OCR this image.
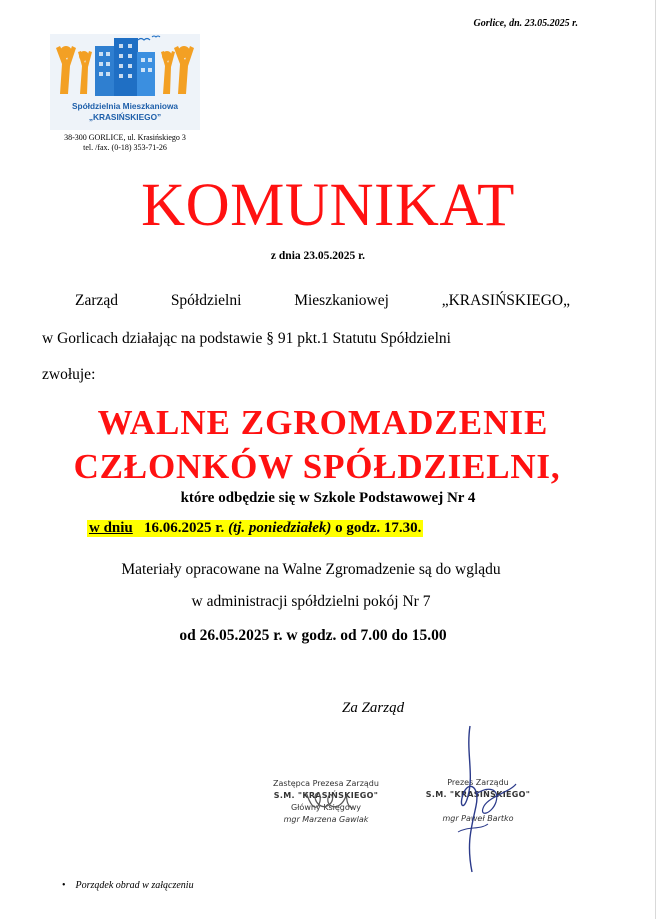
Gorlice, dn. 23.05.2025 r.
Spółdzielnia Mieszkaniowa
„KRASIŃSKIEGO”
38-300 GORLICE, ul. Krasińskiego 3
tel. /fax. (0-18) 353-71-26
KOMUNIKAT
z dnia 23.05.2025 r.
Zarząd	Spółdzielni	Mieszkaniowej	„KRASIŃSKIEGO„
w Gorlicach działając na podstawie § 91 pkt.1 Statutu Spółdzielni
zwołuje:
WALNE ZGROMADZENIE
CZŁONKÓW SPÓŁDZIELNI,
które odbędzie się w Szkole Podstawowej Nr 4
w dniu 16.06.2025 r. (tj. poniedziałek) o godz. 17.30.
Materiały opracowane na Walne Zgromadzenie są do wglądu
w administracji spółdzielni pokój Nr 7
od 26.05.2025 r. w godz. od 7.00 do 15.00
Za Zarząd
Zastępca Prezesa Zarządu
S.M. "KRASIŃSKIEGO"
Główny Księgowy
mgr Marzena Gawlak
Prezes Zarządu
S.M. "KRASIŃSKIEGO"
mgr Paweł Bartko
• Porządek obrad w załączeniu
